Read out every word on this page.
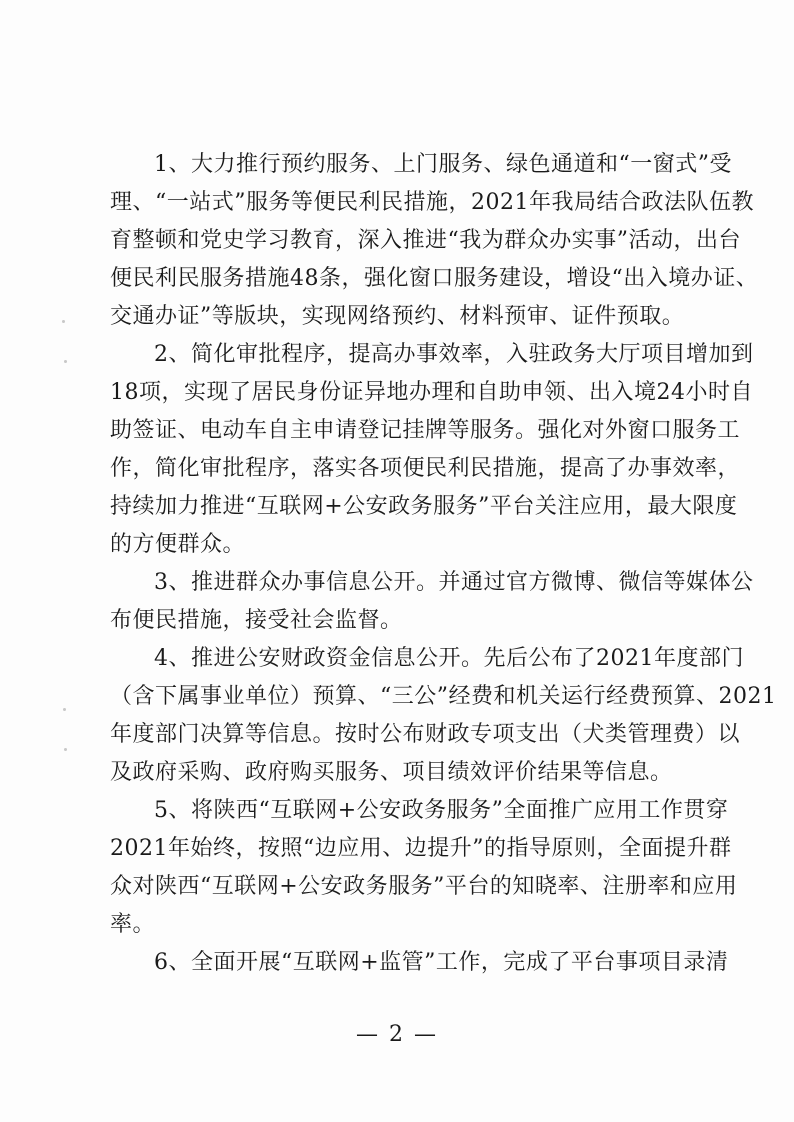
1、大力推行预约服务、上门服务、绿色通道和“一窗式”受
理、“一站式”服务等便民利民措施，2021年我局结合政法队伍教
育整顿和党史学习教育，深入推进“我为群众办实事”活动，出台
便民利民服务措施48条，强化窗口服务建设，增设“出入境办证、
交通办证”等版块，实现网络预约、材料预审、证件预取。
2、简化审批程序，提高办事效率，入驻政务大厅项目增加到
18项，实现了居民身份证异地办理和自助申领、出入境24小时自
助签证、电动车自主申请登记挂牌等服务。强化对外窗口服务工
作，简化审批程序，落实各项便民利民措施，提高了办事效率，
持续加力推进“互联网+公安政务服务”平台关注应用，最大限度
的方便群众。
3、推进群众办事信息公开。并通过官方微博、微信等媒体公
布便民措施，接受社会监督。
4、推进公安财政资金信息公开。先后公布了2021年度部门
（含下属事业单位）预算、“三公”经费和机关运行经费预算、2021
年度部门决算等信息。按时公布财政专项支出（犬类管理费）以
及政府采购、政府购买服务、项目绩效评价结果等信息。
5、将陕西“互联网+公安政务服务”全面推广应用工作贯穿
2021年始终，按照“边应用、边提升”的指导原则，全面提升群
众对陕西“互联网+公安政务服务”平台的知晓率、注册率和应用
率。
6、全面开展“互联网+监管”工作，完成了平台事项目录清
— 2 —
